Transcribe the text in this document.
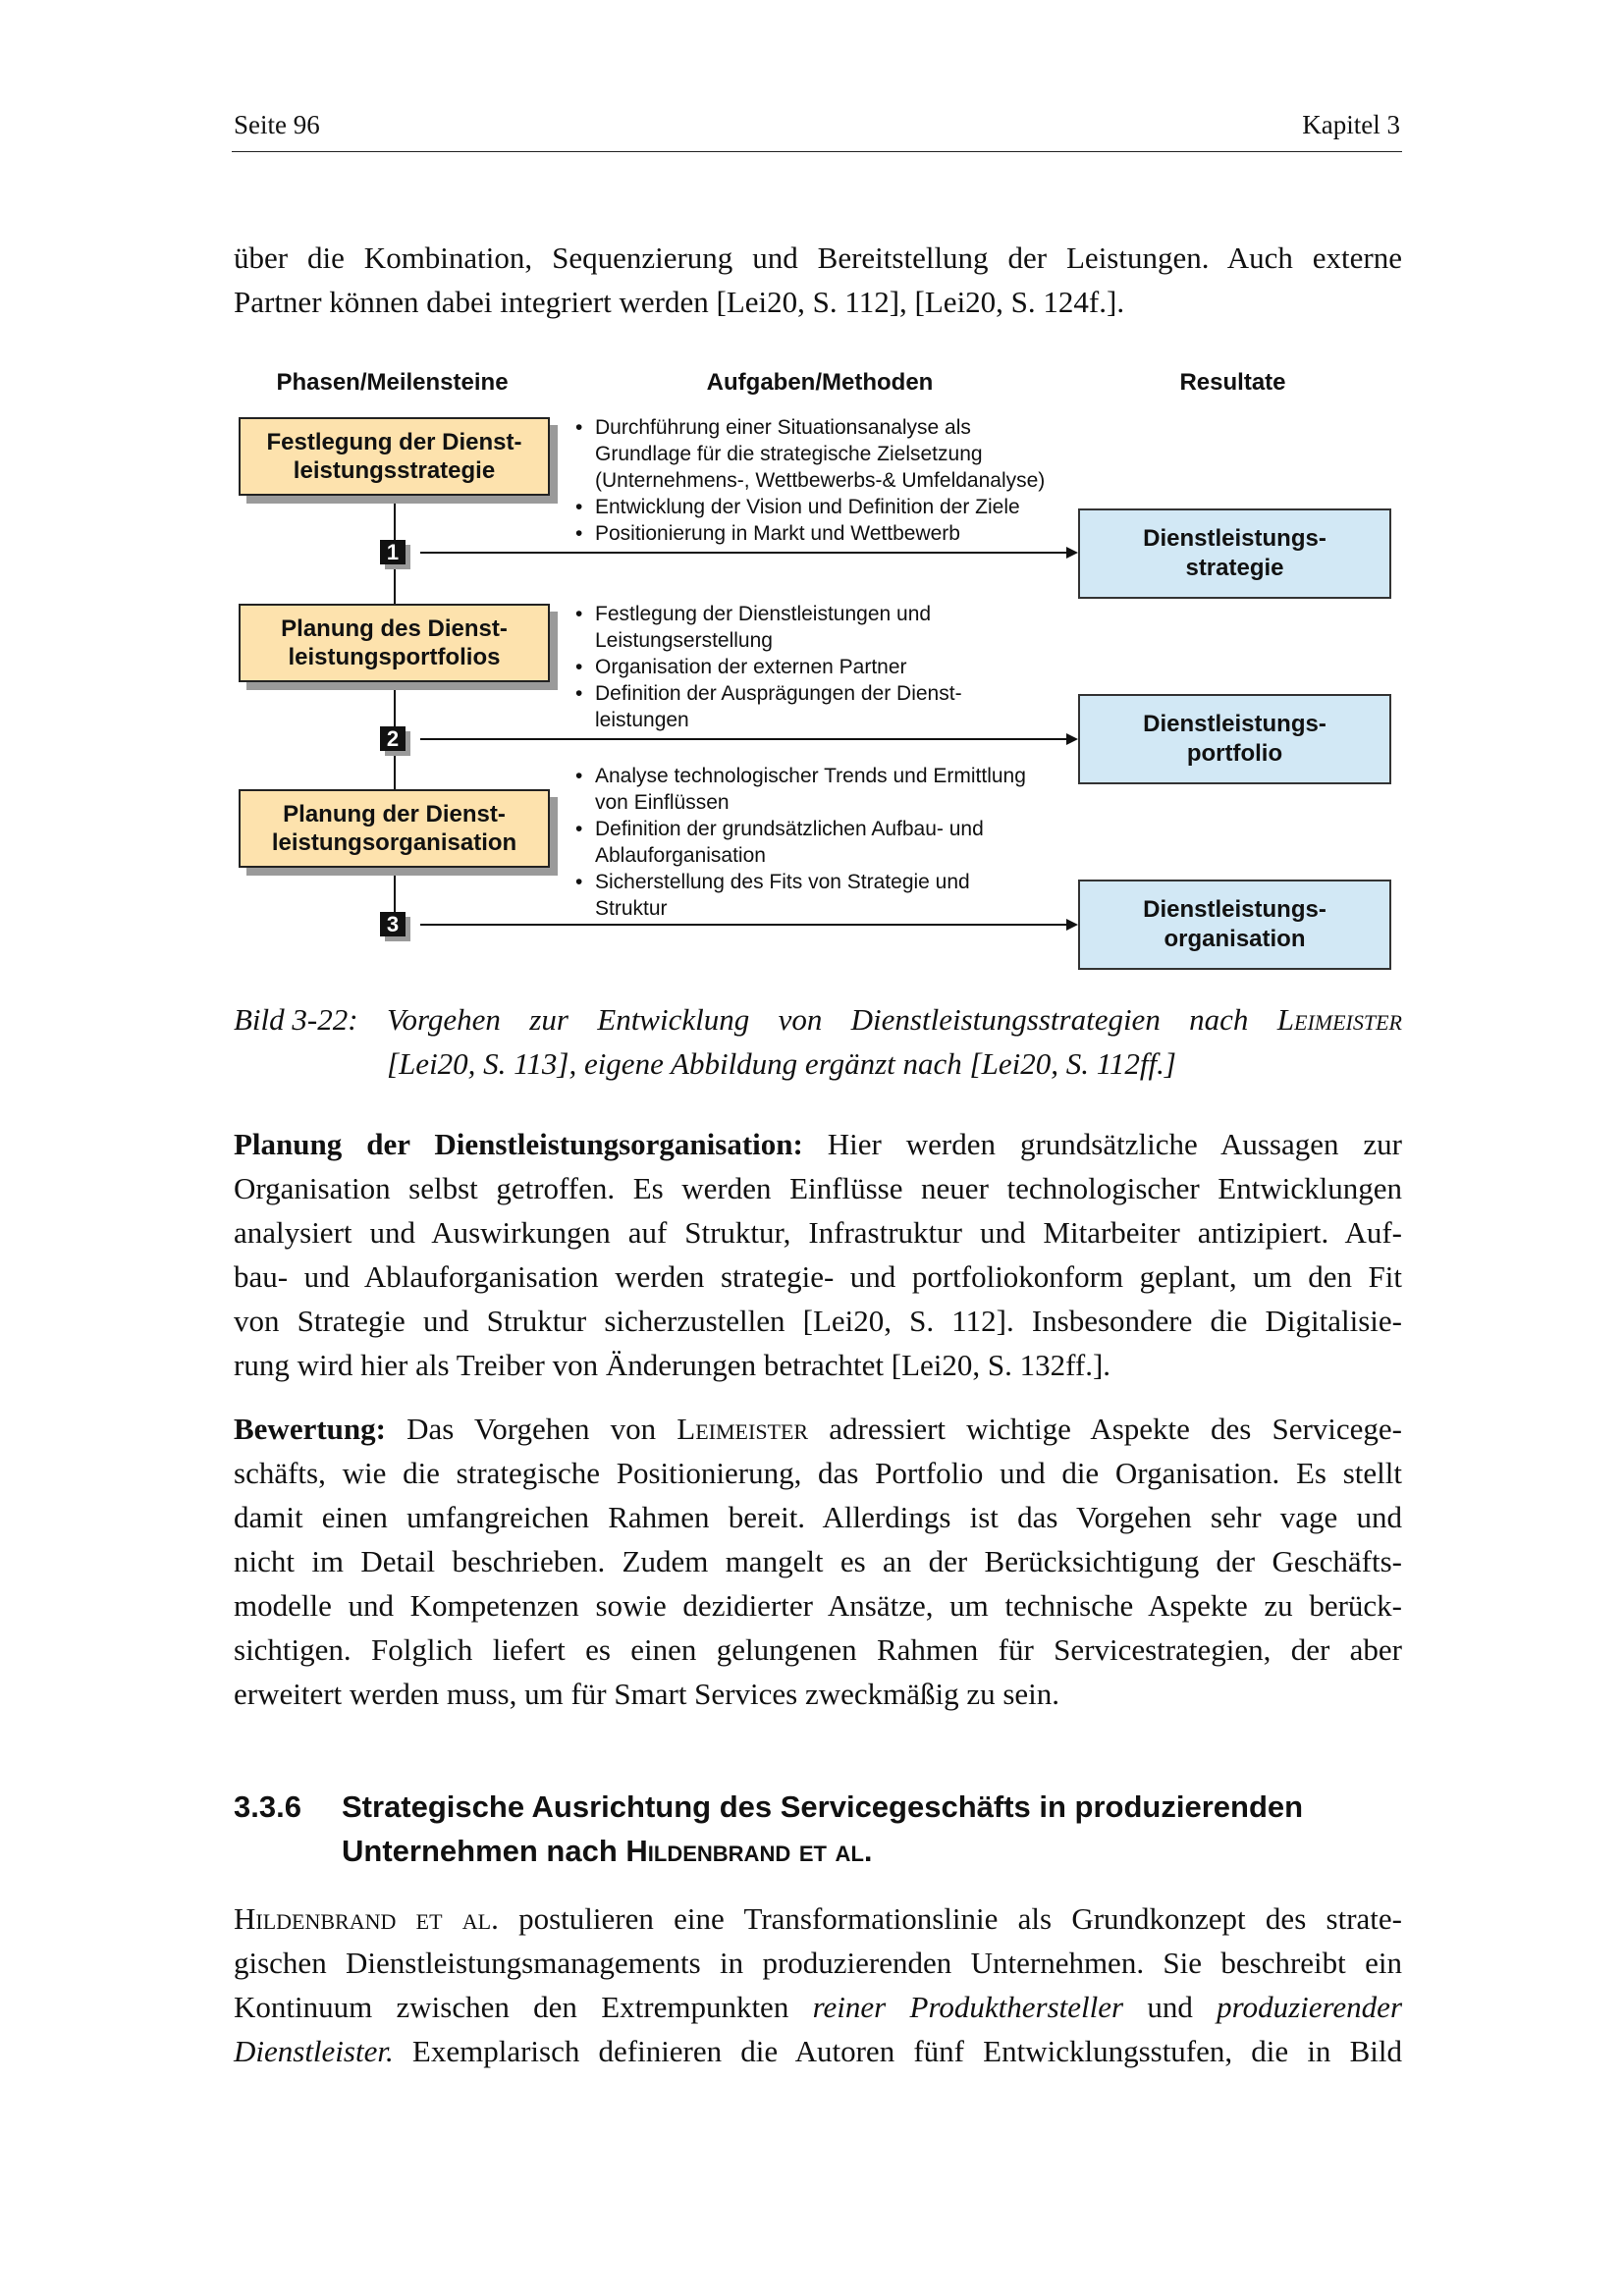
Seite 96	Kapitel 3
über die Kombination, Sequenzierung und Bereitstellung der Leistungen. Auch externe
Partner können dabei integriert werden [Lei20, S. 112], [Lei20, S. 124f.].
Phasen/Meilensteine	Aufgaben/Methoden	Resultate
Festlegung der Dienst-
leistungsstrategie
• Durchführung einer Situationsanalyse als Grundlage für die strategische Zielsetzung (Unternehmens-, Wettbewerbs-& Umfeldanalyse)
• Entwicklung der Vision und Definition der Ziele
• Positionierung in Markt und Wettbewerb
1
Dienstleistungs-
strategie
Planung des Dienst-
leistungsportfolios
• Festlegung der Dienstleistungen und Leistungserstellung
• Organisation der externen Partner
• Definition der Ausprägungen der Dienst-leistungen
2
Dienstleistungs-
portfolio
Planung der Dienst-
leistungsorganisation
• Analyse technologischer Trends und Ermittlung von Einflüssen
• Definition der grundsätzlichen Aufbau- und Ablauforganisation
• Sicherstellung des Fits von Strategie und Struktur
3
Dienstleistungs-
organisation
Bild 3-22: Vorgehen zur Entwicklung von Dienstleistungsstrategien nach Leimeister
[Lei20, S. 113], eigene Abbildung ergänzt nach [Lei20, S. 112ff.]
Planung der Dienstleistungsorganisation: Hier werden grundsätzliche Aussagen zur
Organisation selbst getroffen. Es werden Einflüsse neuer technologischer Entwicklungen
analysiert und Auswirkungen auf Struktur, Infrastruktur und Mitarbeiter antizipiert. Auf-
bau- und Ablauforganisation werden strategie- und portfoliokonform geplant, um den Fit
von Strategie und Struktur sicherzustellen [Lei20, S. 112]. Insbesondere die Digitalisie-
rung wird hier als Treiber von Änderungen betrachtet [Lei20, S. 132ff.].
Bewertung: Das Vorgehen von Leimeister adressiert wichtige Aspekte des Servicege-
schäfts, wie die strategische Positionierung, das Portfolio und die Organisation. Es stellt
damit einen umfangreichen Rahmen bereit. Allerdings ist das Vorgehen sehr vage und
nicht im Detail beschrieben. Zudem mangelt es an der Berücksichtigung der Geschäfts-
modelle und Kompetenzen sowie dezidierter Ansätze, um technische Aspekte zu berück-
sichtigen. Folglich liefert es einen gelungenen Rahmen für Servicestrategien, der aber
erweitert werden muss, um für Smart Services zweckmäßig zu sein.
3.3.6 Strategische Ausrichtung des Servicegeschäfts in produzierenden
Unternehmen nach Hildenbrand et al.
Hildenbrand et al. postulieren eine Transformationslinie als Grundkonzept des strate-
gischen Dienstleistungsmanagements in produzierenden Unternehmen. Sie beschreibt ein
Kontinuum zwischen den Extrempunkten reiner Produkthersteller und produzierender
Dienstleister. Exemplarisch definieren die Autoren fünf Entwicklungsstufen, die in Bild
